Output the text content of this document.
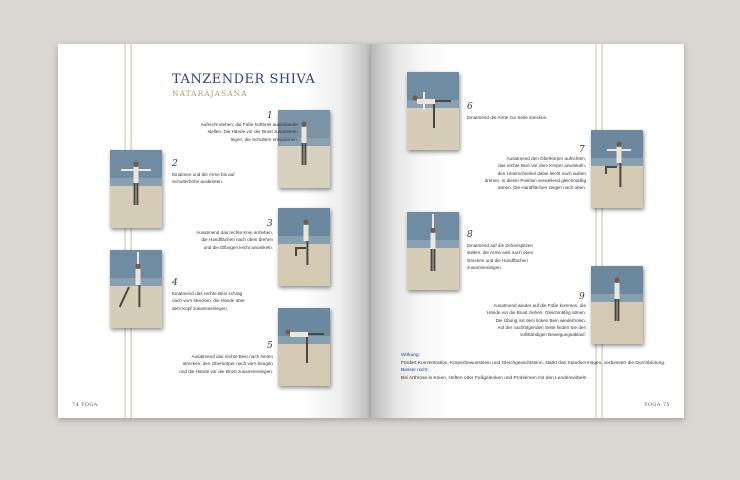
TANZENDER SHIVA
NATARAJASANA
1
Aufrecht stehen, die Füße hüftbreit auseinander
stellen. Die Hände vor der Brust zusammen-
legen, die Schultern entspannen.
2
Einatmen und die Arme bis auf
Schulterhöhe ausbreiten.
3
Ausatmend das rechte Knie anheben,
die Handflächen nach oben drehen
und die Ellbogen leicht anwinkeln.
4
Einatmend das rechte Bein schräg
nach vorn strecken, die Hände über
dem Kopf zusammenlegen.
5
Ausatmend das rechte Bein nach hinten
strecken, den Oberkörper nach vorn beugen
und die Hände vor der Brust zusammenlegen.
74 YOGA
6
Einatmend die Arme zur Seite strecken.
7
Ausatmend den Oberkörper aufrichten,
das rechte Bein vor dem Körper anwinkeln,
den Unterschenkel dabei leicht nach außen
drehen. In dieser Position verweilend gleichmäßig
atmen. Die Handflächen zeigen nach oben.
8
Einatmend auf die Zehenspitzen
stellen, die Arme weit nach oben
strecken und die Handflächen
zusammenlegen.
9
Ausatmend wieder auf die Füße kommen, die
Hände vor die Brust ziehen. Gleichmäßig atmen.
Die Übung mit dem linken Bein wiederholen.
Auf der nachfolgenden Seite finden Sie den
vollständigen Bewegungsablauf.
Wirkung:
Fördert Konzentration, Körperbewusstsein und Gleichgewichtssinn, stärkt das Standvermögen, verbessert die Durchblutung.
Besser nicht:
Bei Arthrose in Knien, Hüften oder Fußgelenken und Problemen mit den Lendenwirbeln.
YOGA 75
